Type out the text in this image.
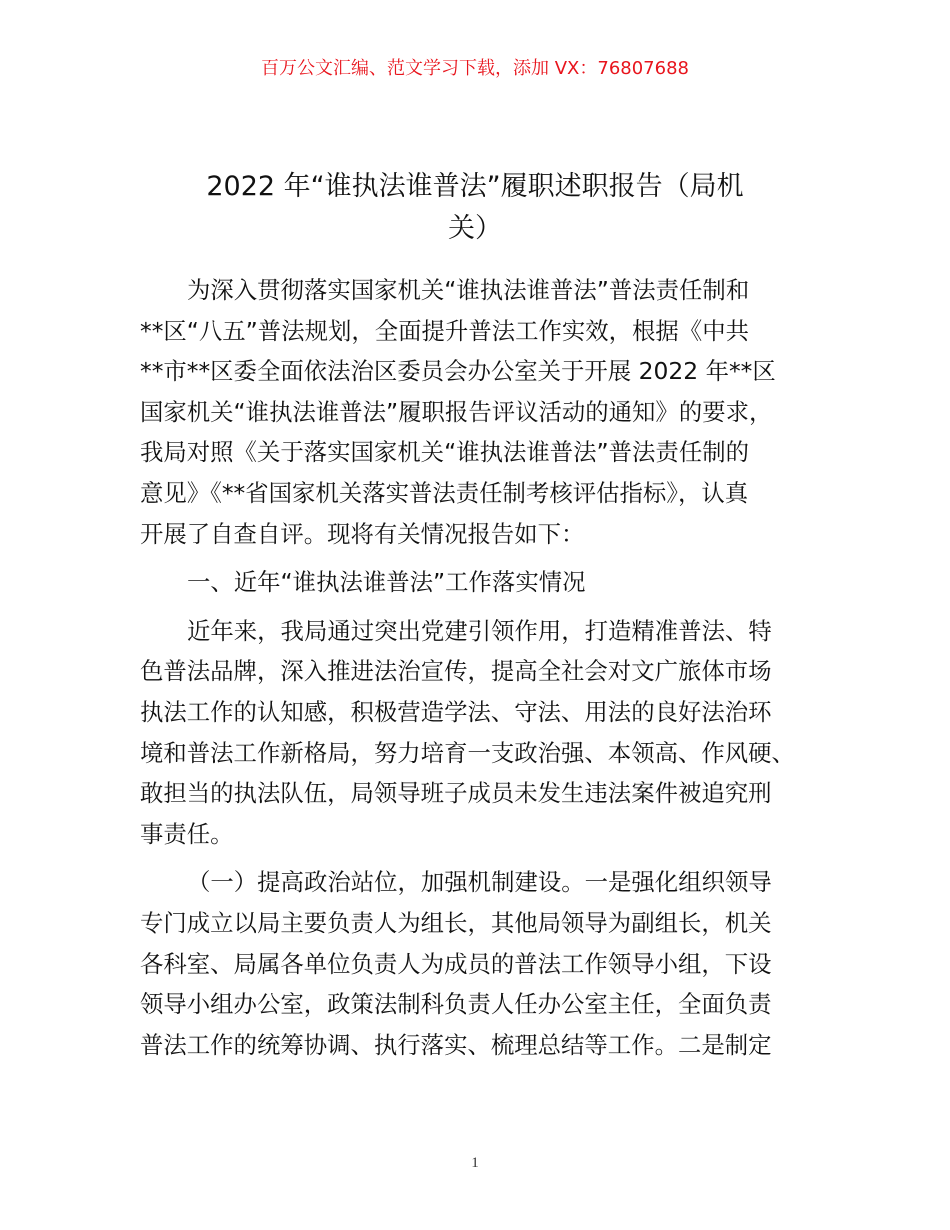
百万公文汇编、范文学习下载，添加 VX：76807688
2022 年“谁执法谁普法”履职述职报告（局机
关）
为深入贯彻落实国家机关“谁执法谁普法”普法责任制和
**区“八五”普法规划，全面提升普法工作实效，根据《中共
**市**区委全面依法治区委员会办公室关于开展 2022 年**区
国家机关“谁执法谁普法”履职报告评议活动的通知》的要求，
我局对照《关于落实国家机关“谁执法谁普法”普法责任制的
意见》《**省国家机关落实普法责任制考核评估指标》，认真
开展了自查自评。现将有关情况报告如下：
一、近年“谁执法谁普法”工作落实情况
近年来，我局通过突出党建引领作用，打造精准普法、特
色普法品牌，深入推进法治宣传，提高全社会对文广旅体市场
执法工作的认知感，积极营造学法、守法、用法的良好法治环
境和普法工作新格局，努力培育一支政治强、本领高、作风硬、
敢担当的执法队伍，局领导班子成员未发生违法案件被追究刑
事责任。
（一）提高政治站位，加强机制建设。一是强化组织领导
专门成立以局主要负责人为组长，其他局领导为副组长，机关
各科室、局属各单位负责人为成员的普法工作领导小组，下设
领导小组办公室，政策法制科负责人任办公室主任，全面负责
普法工作的统筹协调、执行落实、梳理总结等工作。二是制定
1
